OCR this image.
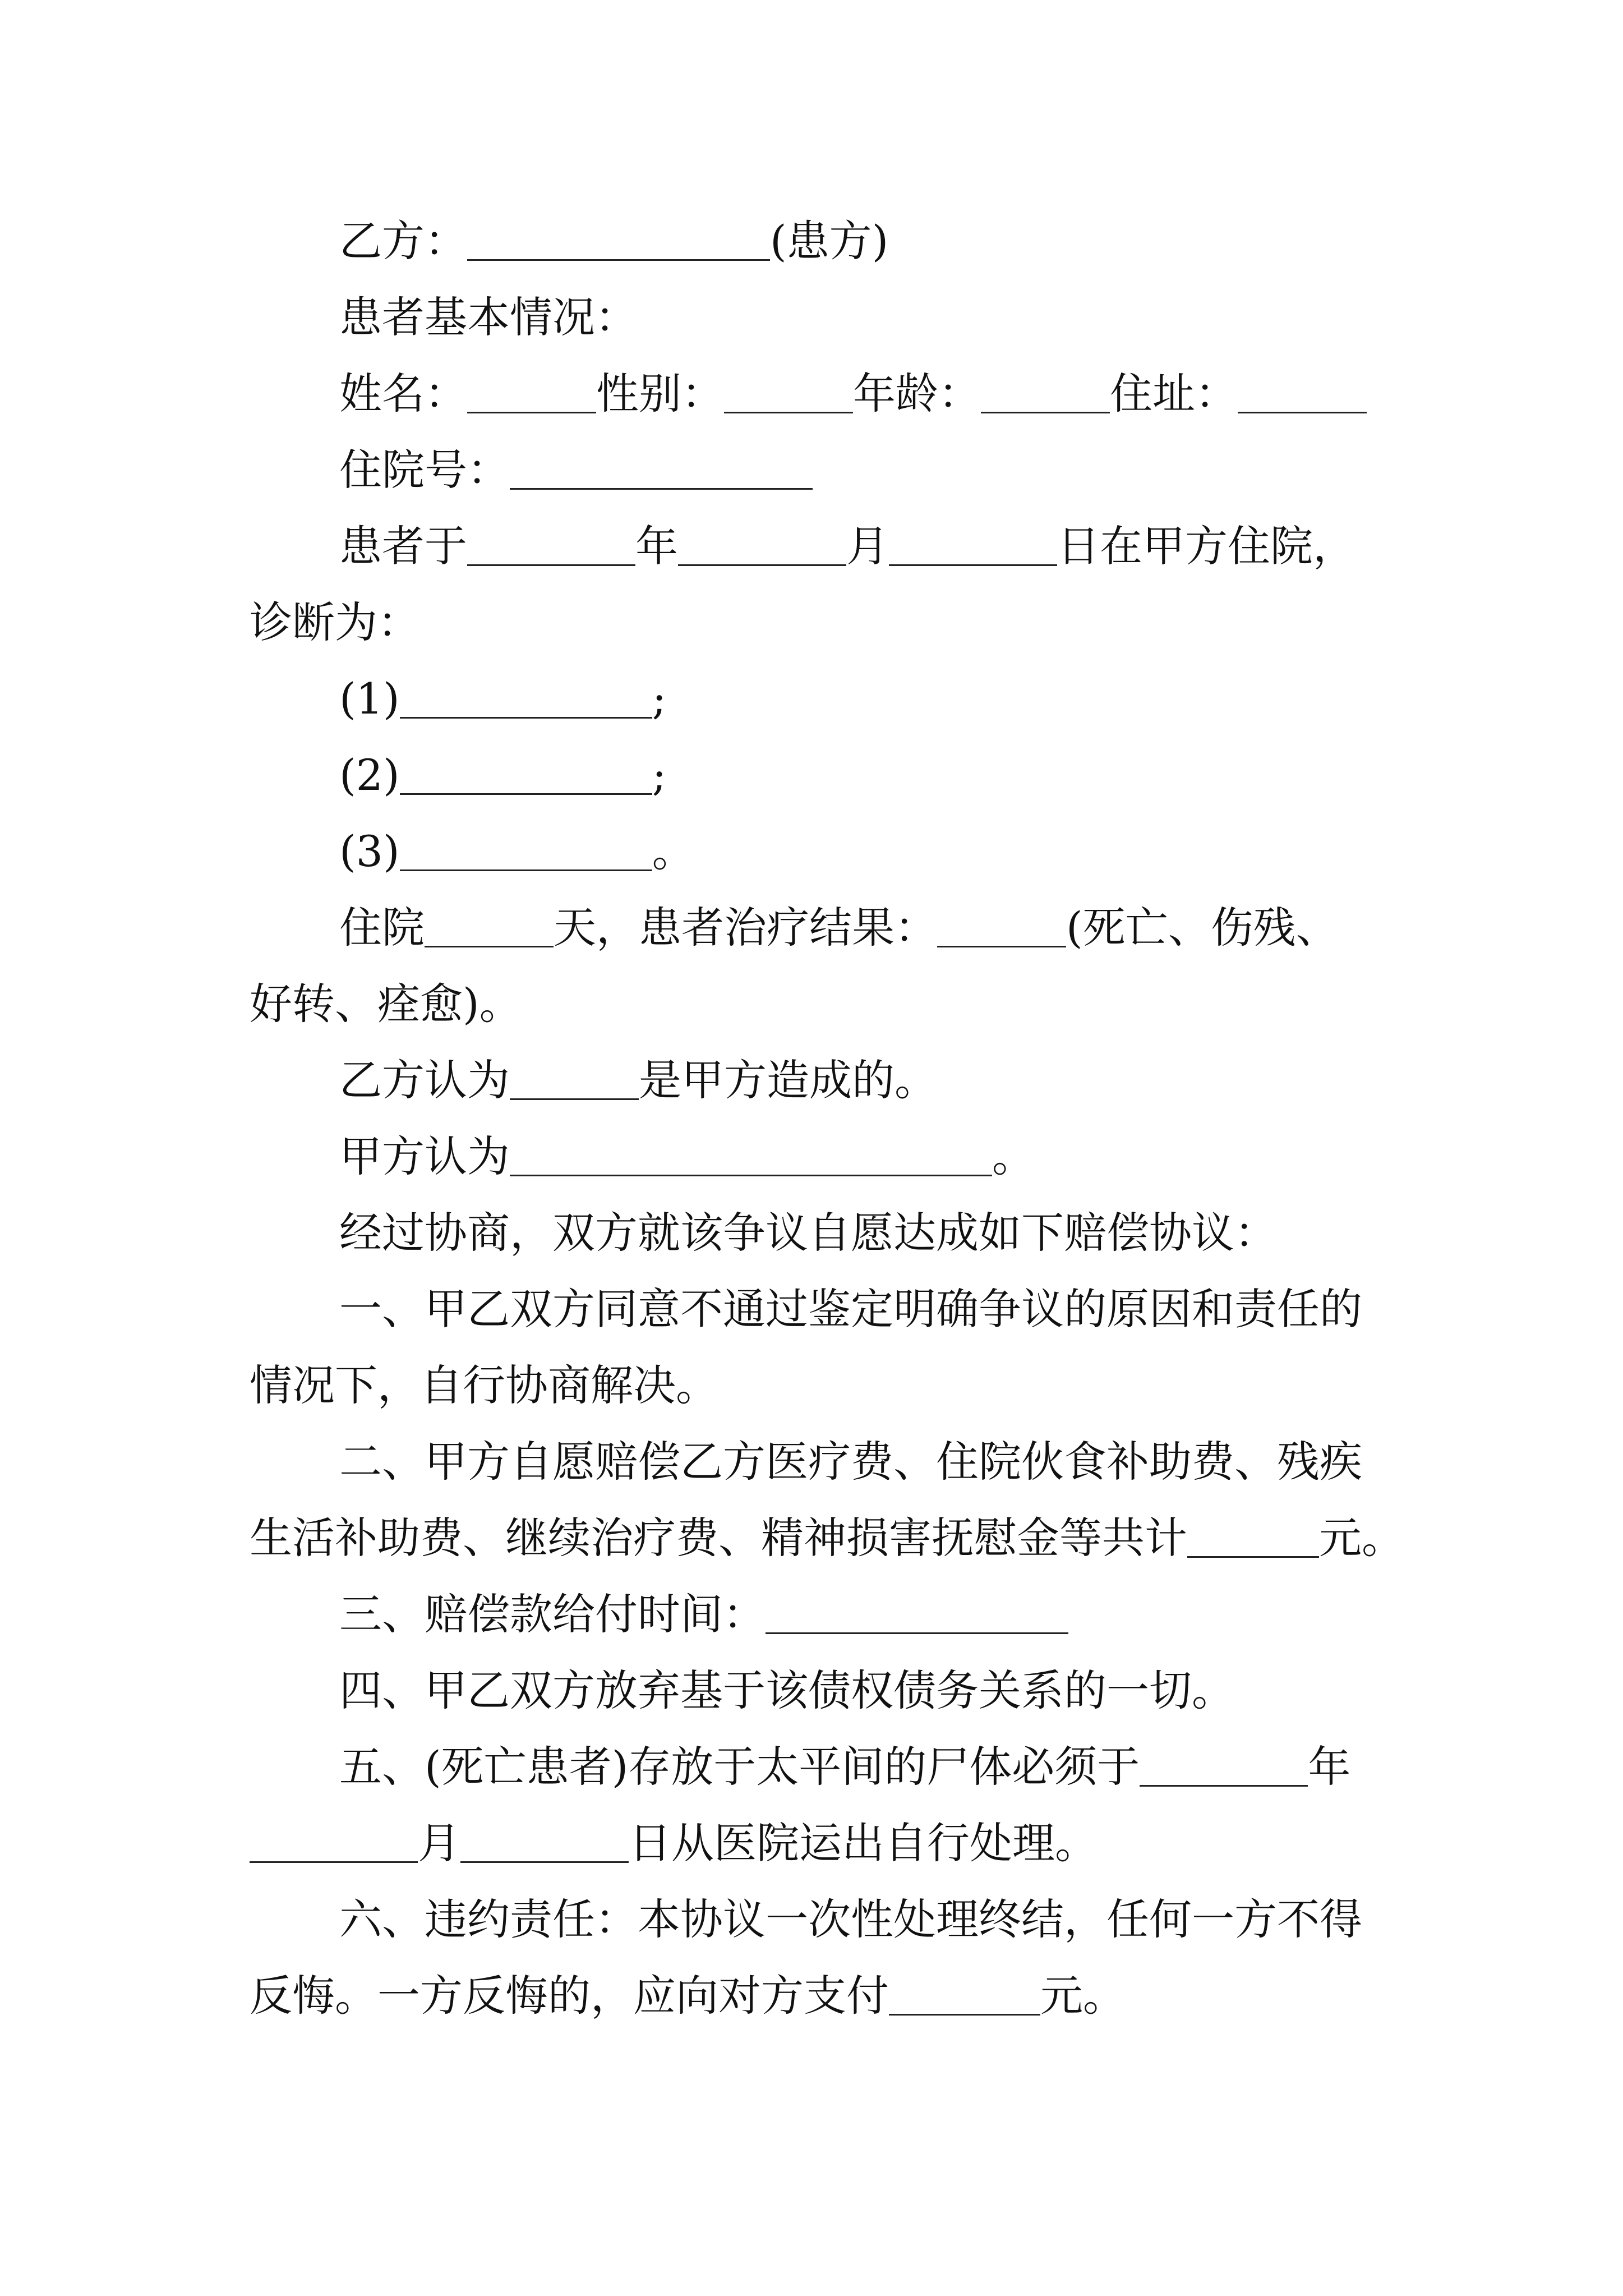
乙方：	(患方)
患者基本情况：
姓名：	性别：	年龄：	住址：
住院号：
患者于	年	月	日在甲方住院，
诊断为：
(1)	;
(2)	;
(3)	。
住院	天，患者治疗结果：	(死亡、伤残、
好转、痊愈)。
乙方认为	是甲方造成的。
甲方认为	。
经过协商，双方就该争议自愿达成如下赔偿协议：
一、甲乙双方同意不通过鉴定明确争议的原因和责任的
情况下，自行协商解决。
二、甲方自愿赔偿乙方医疗费、住院伙食补助费、残疾
生活补助费、继续治疗费、精神损害抚慰金等共计	元。
三、赔偿款给付时间：
四、甲乙双方放弃基于该债权债务关系的一切。
五、(死亡患者)存放于太平间的尸体必须于	年
月	日从医院运出自行处理。
六、违约责任：本协议一次性处理终结，任何一方不得
反悔。一方反悔的，应向对方支付	元。
